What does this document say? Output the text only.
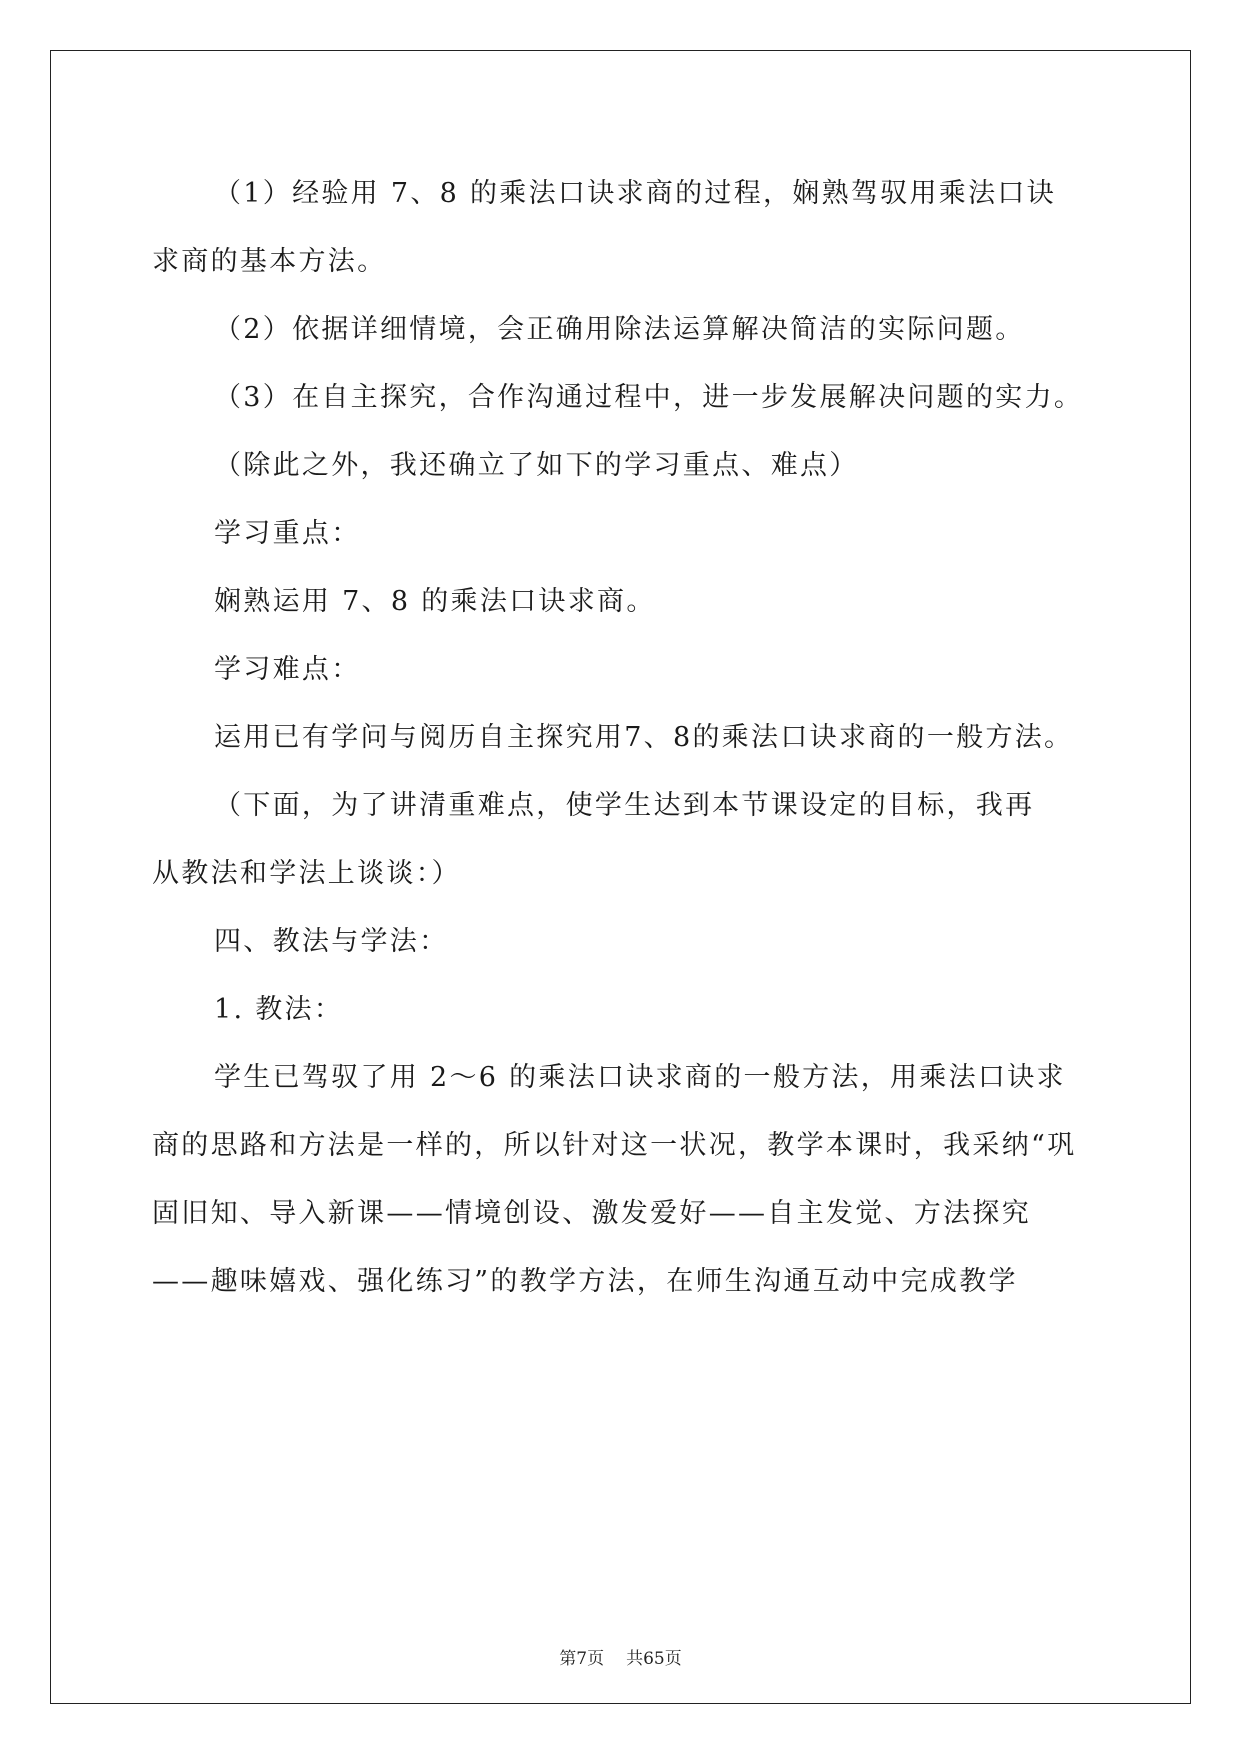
（1）经验用 7、8 的乘法口诀求商的过程，娴熟驾驭用乘法口诀

求商的基本方法。

（2）依据详细情境，会正确用除法运算解决简洁的实际问题。

（3）在自主探究，合作沟通过程中，进一步发展解决问题的实力。

（除此之外，我还确立了如下的学习重点、难点）

学习重点：

娴熟运用 7、8 的乘法口诀求商。

学习难点：

运用已有学问与阅历自主探究用7、8的乘法口诀求商的一般方法。

（下面，为了讲清重难点，使学生达到本节课设定的目标，我再

从教法和学法上谈谈：）

四、教法与学法：

1. 教法：

学生已驾驭了用 2～6 的乘法口诀求商的一般方法，用乘法口诀求

商的思路和方法是一样的，所以针对这一状况，教学本课时，我采纳“巩

固旧知、导入新课——情境创设、激发爱好——自主发觉、方法探究

——趣味嬉戏、强化练习”的教学方法，在师生沟通互动中完成教学

第7页 共65页
